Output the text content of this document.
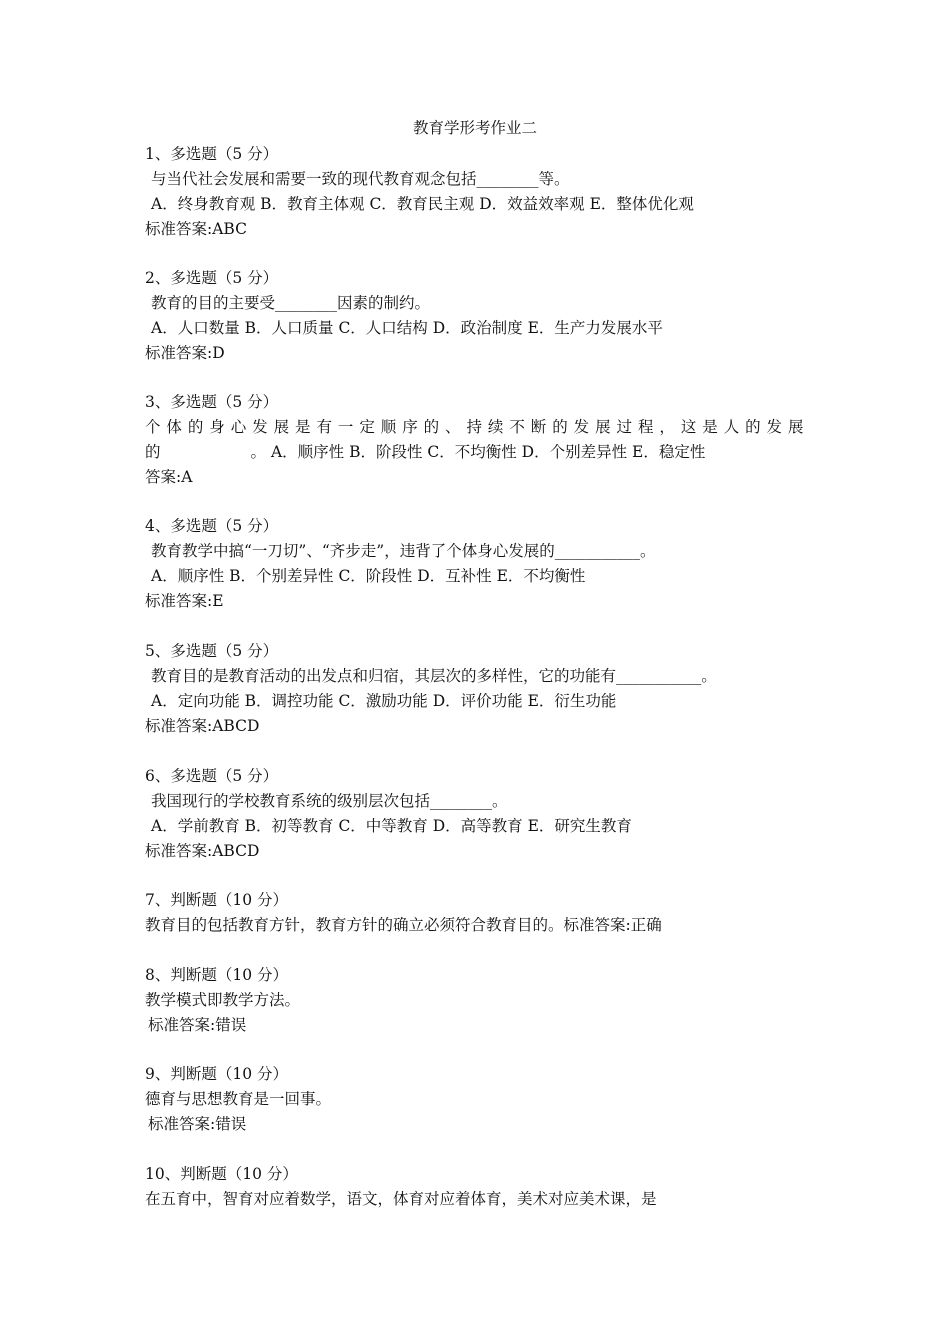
教育学形考作业二
1、多选题（5 分）
与当代社会发展和需要一致的现代教育观念包括________等。
A．终身教育观 B．教育主体观 C．教育民主观 D．效益效率观 E．整体优化观
标准答案:ABC
2、多选题（5 分）
教育的目的主要受________因素的制约。
A．人口数量 B．人口质量 C．人口结构 D．政治制度 E．生产力发展水平
标准答案:D
3、多选题（5 分）
个体的身心发展是有一定顺序的、持续不断的发展过程，这是人的发展
的	。 A．顺序性 B．阶段性 C．不均衡性 D．个别差异性 E．稳定性
答案:A
4、多选题（5 分）
教育教学中搞“一刀切”、“齐步走”，违背了个体身心发展的___________。
A．顺序性 B．个别差异性 C．阶段性 D．互补性 E．不均衡性
标准答案:E
5、多选题（5 分）
教育目的是教育活动的出发点和归宿，其层次的多样性，它的功能有___________。
A．定向功能 B．调控功能 C．激励功能 D．评价功能 E．衍生功能
标准答案:ABCD
6、多选题（5 分）
我国现行的学校教育系统的级别层次包括________。
A．学前教育 B．初等教育 C．中等教育 D．高等教育 E．研究生教育
标准答案:ABCD
7、判断题（10 分）
教育目的包括教育方针，教育方针的确立必须符合教育目的。标准答案:正确
8、判断题（10 分）
教学模式即教学方法。
标准答案:错误
9、判断题（10 分）
德育与思想教育是一回事。
标准答案:错误
10、判断题（10 分）
在五育中，智育对应着数学，语文，体育对应着体育，美术对应美术课，是
